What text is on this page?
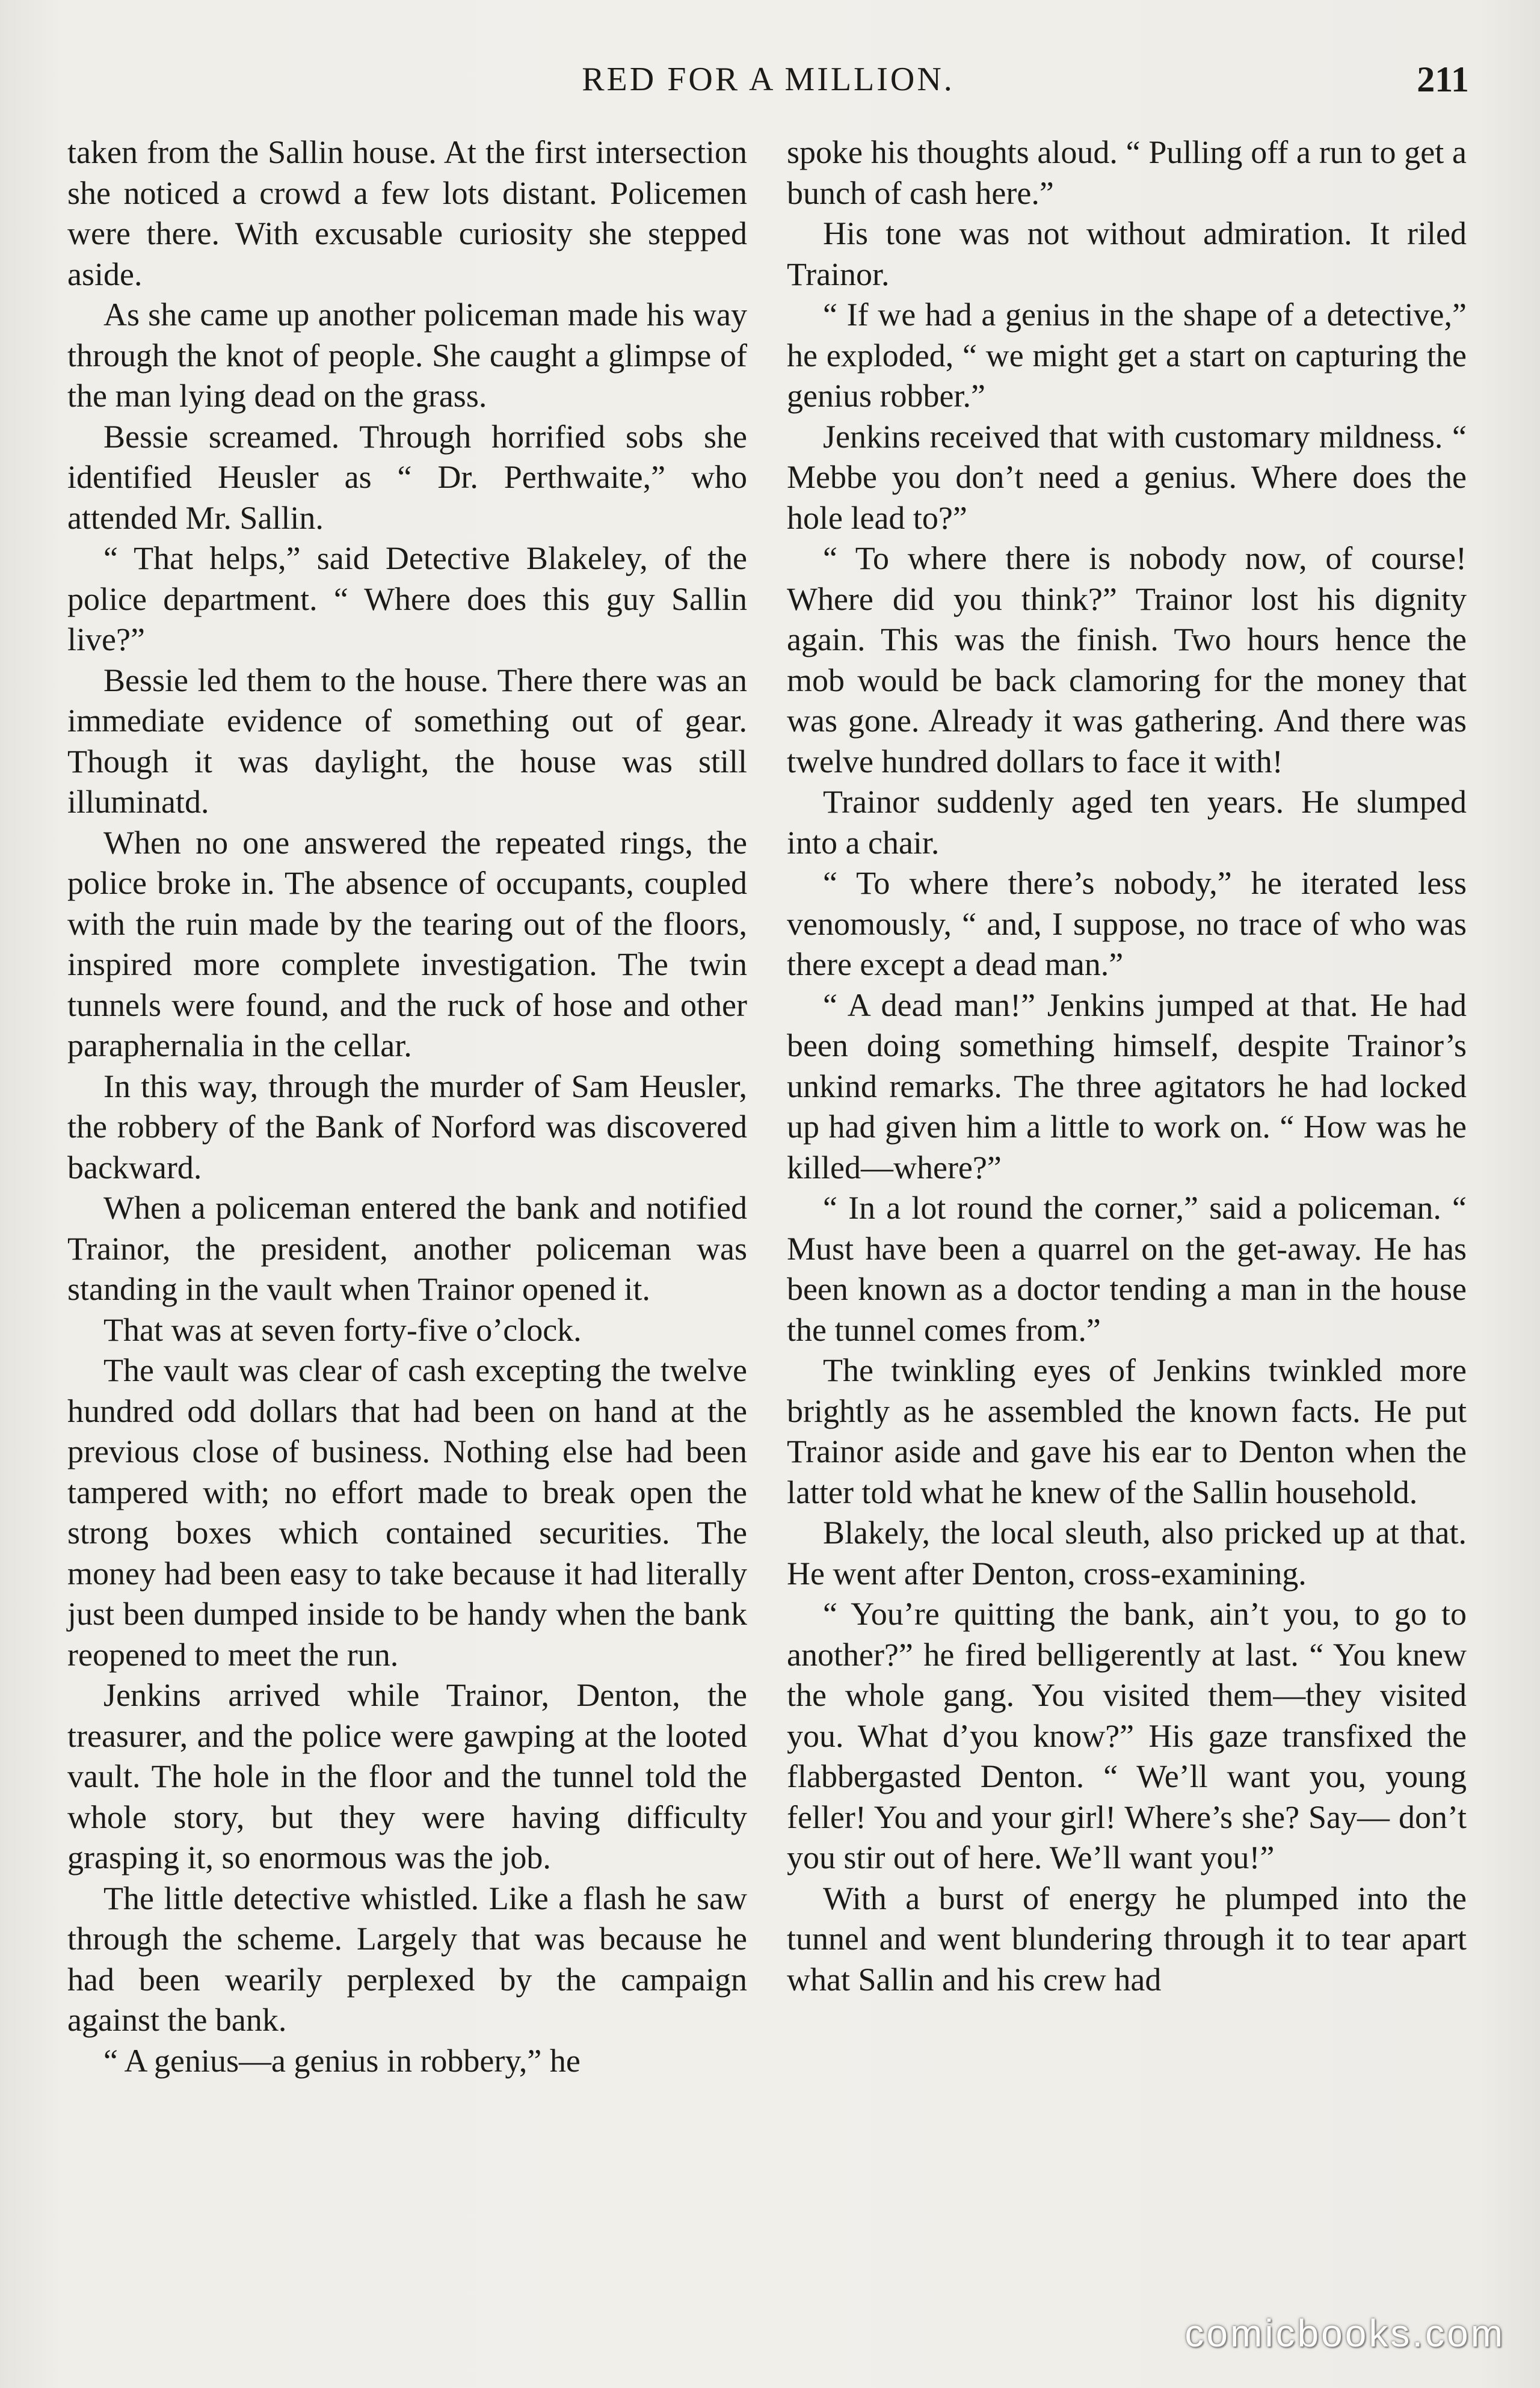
RED FOR A MILLION.	211

taken from the Sallin house. At the first intersection she noticed a crowd a few lots distant. Policemen were there. With excusable curiosity she stepped aside.

As she came up another policeman made his way through the knot of people. She caught a glimpse of the man lying dead on the grass.

Bessie screamed. Through horrified sobs she identified Heusler as “ Dr. Perthwaite,” who attended Mr. Sallin.

“ That helps,” said Detective Blakeley, of the police department. “ Where does this guy Sallin live?”

Bessie led them to the house. There there was an immediate evidence of something out of gear. Though it was daylight, the house was still illuminatd.

When no one answered the repeated rings, the police broke in. The absence of occupants, coupled with the ruin made by the tearing out of the floors, inspired more complete investigation. The twin tunnels were found, and the ruck of hose and other paraphernalia in the cellar.

In this way, through the murder of Sam Heusler, the robbery of the Bank of Norford was discovered backward.

When a policeman entered the bank and notified Trainor, the president, another policeman was standing in the vault when Trainor opened it.

That was at seven forty-five o’clock.

The vault was clear of cash excepting the twelve hundred odd dollars that had been on hand at the previous close of business. Nothing else had been tampered with; no effort made to break open the strong boxes which contained securities. The money had been easy to take because it had literally just been dumped inside to be handy when the bank reopened to meet the run.

Jenkins arrived while Trainor, Denton, the treasurer, and the police were gawping at the looted vault. The hole in the floor and the tunnel told the whole story, but they were having difficulty grasping it, so enormous was the job.

The little detective whistled. Like a flash he saw through the scheme. Largely that was because he had been wearily perplexed by the campaign against the bank.

“ A genius—a genius in robbery,” he

spoke his thoughts aloud. “ Pulling off a run to get a bunch of cash here.”

His tone was not without admiration. It riled Trainor.

“ If we had a genius in the shape of a detective,” he exploded, “ we might get a start on capturing the genius robber.”

Jenkins received that with customary mildness. “ Mebbe you don’t need a genius. Where does the hole lead to?”

“ To where there is nobody now, of course! Where did you think?” Trainor lost his dignity again. This was the finish. Two hours hence the mob would be back clamoring for the money that was gone. Already it was gathering. And there was twelve hundred dollars to face it with!

Trainor suddenly aged ten years. He slumped into a chair.

“ To where there’s nobody,” he iterated less venomously, “ and, I suppose, no trace of who was there except a dead man.”

“ A dead man!” Jenkins jumped at that. He had been doing something himself, despite Trainor’s unkind remarks. The three agitators he had locked up had given him a little to work on. “ How was he killed—where?”

“ In a lot round the corner,” said a policeman. “ Must have been a quarrel on the get-away. He has been known as a doctor tending a man in the house the tunnel comes from.”

The twinkling eyes of Jenkins twinkled more brightly as he assembled the known facts. He put Trainor aside and gave his ear to Denton when the latter told what he knew of the Sallin household.

Blakely, the local sleuth, also pricked up at that. He went after Denton, cross-examining.

“ You’re quitting the bank, ain’t you, to go to another?” he fired belligerently at last. “ You knew the whole gang. You visited them—they visited you. What d’you know?” His gaze transfixed the flabbergasted Denton. “ We’ll want you, young feller! You and your girl! Where’s she? Say— don’t you stir out of here. We’ll want you!”

With a burst of energy he plumped into the tunnel and went blundering through it to tear apart what Sallin and his crew had

comicbooks.com
